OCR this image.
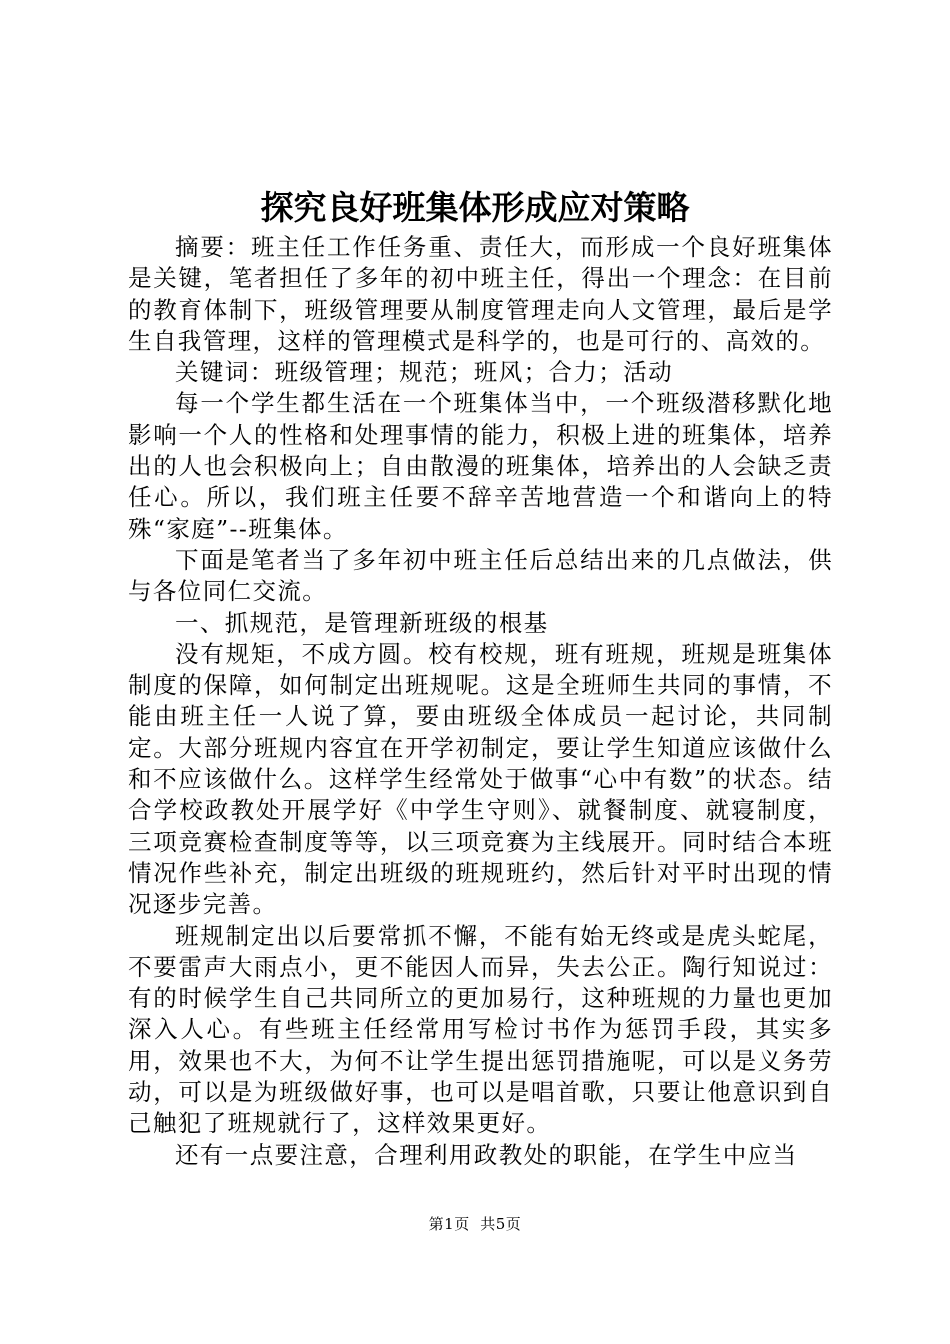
探究良好班集体形成应对策略

摘要：班主任工作任务重、责任大，而形成一个良好班集体是关键，笔者担任了多年的初中班主任，得出一个理念：在目前的教育体制下，班级管理要从制度管理走向人文管理，最后是学生自我管理，这样的管理模式是科学的，也是可行的、高效的。

关键词：班级管理；规范；班风；合力；活动

每一个学生都生活在一个班集体当中，一个班级潜移默化地影响一个人的性格和处理事情的能力，积极上进的班集体，培养出的人也会积极向上；自由散漫的班集体，培养出的人会缺乏责任心。所以，我们班主任要不辞辛苦地营造一个和谐向上的特殊“家庭”--班集体。

下面是笔者当了多年初中班主任后总结出来的几点做法，供与各位同仁交流。

一、抓规范，是管理新班级的根基

没有规矩，不成方圆。校有校规，班有班规，班规是班集体制度的保障，如何制定出班规呢。这是全班师生共同的事情，不能由班主任一人说了算，要由班级全体成员一起讨论，共同制定。大部分班规内容宜在开学初制定，要让学生知道应该做什么和不应该做什么。这样学生经常处于做事“心中有数”的状态。结合学校政教处开展学好《中学生守则》、就餐制度、就寝制度，三项竞赛检查制度等等，以三项竞赛为主线展开。同时结合本班情况作些补充，制定出班级的班规班约，然后针对平时出现的情况逐步完善。

班规制定出以后要常抓不懈，不能有始无终或是虎头蛇尾，不要雷声大雨点小，更不能因人而异，失去公正。陶行知说过：有的时候学生自己共同所立的更加易行，这种班规的力量也更加深入人心。有些班主任经常用写检讨书作为惩罚手段，其实多用，效果也不大，为何不让学生提出惩罚措施呢，可以是义务劳动，可以是为班级做好事，也可以是唱首歌，只要让他意识到自己触犯了班规就行了，这样效果更好。

还有一点要注意，合理利用政教处的职能，在学生中应当

第1页 共5页
